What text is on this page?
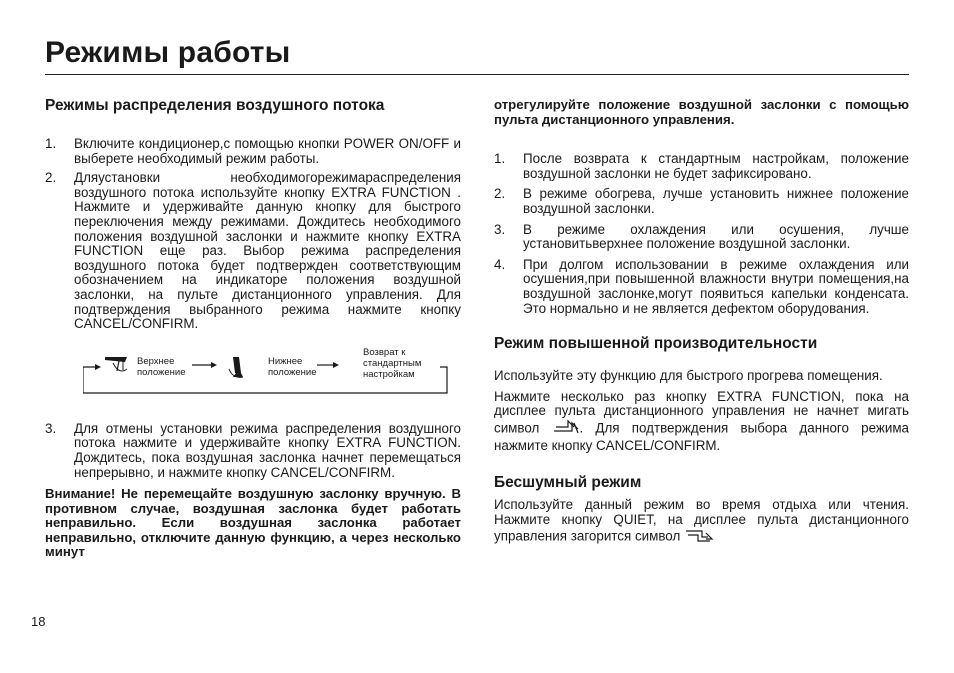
Режимы работы
Режимы распределения воздушного потока
1. Включите кондиционер,с помощью кнопки POWER ON/OFF и выберете необходимый режим работы.
2. Дляустановки необходимогорежимараспределения воздушного потока используйте кнопку EXTRA FUNCTION . Нажмите и удерживайте данную кнопку для быстрого переключения между режимами. Дождитесь необходимого положения воздушной заслонки и нажмите кнопку EXTRA FUNCTION еще раз. Выбор режима распределения воздушного потока будет подтвержден соответствующим обозначением на индикаторе положения воздушной заслонки, на пульте дистанционного управления. Для подтверждения выбранного режима нажмите кнопку CANCEL/CONFIRM.
Верхнее
положение
Нижнее
положение
Возврат к
стандартным
настройкам
3. Для отмены установки режима распределения воздушного потока нажмите и удерживайте кнопку EXTRA FUNCTION. Дождитесь, пока воздушная заслонка начнет перемещаться непрерывно, и нажмите кнопку CANCEL/CONFIRM.
Внимание! Не перемещайте воздушную заслонку вручную. В противном случае, воздушная заслонка будет работать неправильно. Если воздушная заслонка работает неправильно, отключите данную функцию, а через несколько минут
отрегулируйте положение воздушной заслонки с помощью пульта дистанционного управления.
1. После возврата к стандартным настройкам, положение воздушной заслонки не будет зафиксировано.
2. В режиме обогрева, лучше установить нижнее положение воздушной заслонки.
3. В режиме охлаждения или осушения, лучше установитьверхнее положение воздушной заслонки.
4. При долгом использовании в режиме охлаждения или осушения,при повышенной влажности внутри помещения,на воздушной заслонке,могут появиться капельки конденсата. Это нормально и не является дефектом оборудования.
Режим повышенной производительности
Используйте эту функцию для быстрого прогрева помещения.
Нажмите несколько раз кнопку EXTRA FUNCTION, пока на дисплее пульта дистанционного управления не начнет мигать символ	. Для подтверждения выбора данного режима нажмите кнопку CANCEL/CONFIRM.
Бесшумный режим
Используйте данный режим во время отдыха или чтения. Нажмите кнопку QUIET, на дисплее пульта дистанционного управления загорится символ
18
